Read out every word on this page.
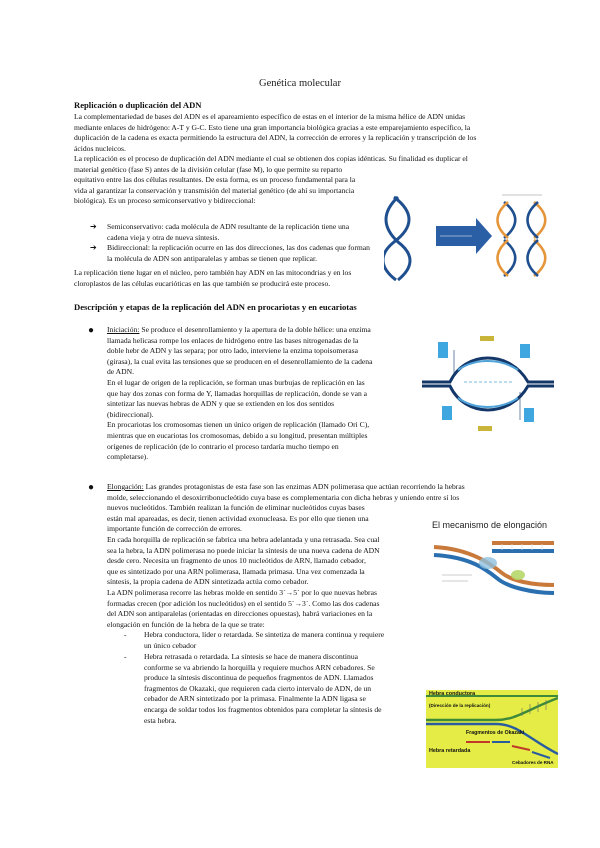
Genética molecular
Replicación o duplicación del ADN
La complementariedad de bases del ADN es el apareamiento específico de estas en el interior de la misma hélice de ADN unidas
mediante enlaces de hidrógeno: A-T y G-C. Esto tiene una gran importancia biológica gracias a este emparejamiento específico, la
duplicación de la cadena es exacta permitiendo la estructura del ADN, la corrección de errores y la replicación y transcripción de los
ácidos nucleicos.
La replicación es el proceso de duplicación del ADN mediante el cual se obtienen dos copias idénticas. Su finalidad es duplicar el
material genético (fase S) antes de la división celular (fase M), lo que permite su reparto
equitativo entre las dos células resultantes. De esta forma, es un proceso fundamental para la
vida al garantizar la conservación y transmisión del material genético (de ahí su importancia
biológica). Es un proceso semiconservativo y bidireccional:
➔ Semiconservativo: cada molécula de ADN resultante de la replicación tiene una
cadena vieja y otra de nueva síntesis.
➔ Bidireccional: la replicación ocurre en las dos direcciones, las dos cadenas que forman
la molécula de ADN son antiparalelas y ambas se tienen que replicar.
La replicación tiene lugar en el núcleo, pero también hay ADN en las mitocondrias y en los
cloroplastos de las células eucarióticas en las que también se producirá este proceso.
Descripción y etapas de la replicación del ADN en procariotas y en eucariotas
● Iniciación: Se produce el desenrollamiento y la apertura de la doble hélice: una enzima
llamada helicasa rompe los enlaces de hidrógeno entre las bases nitrogenadas de la
doble hebr de ADN y las separa; por otro lado, interviene la enzima topoisomerasa
(girasa), la cual evita las tensiones que se producen en el desenrollamiento de la cadena
de ADN.
En el lugar de origen de la replicación, se forman unas burbujas de replicación en las
que hay dos zonas con forma de Y, llamadas horquillas de replicación, donde se van a
sintetizar las nuevas hebras de ADN y que se extienden en los dos sentidos
(bidireccional).
En procariotas los cromosomas tienen un único origen de replicación (llamado Ori C),
mientras que en eucariotas los cromosomas, debido a su longitud, presentan múltiples
orígenes de replicación (de lo contrario el proceso tardaría mucho tiempo en
completarse).
● Elongación: Las grandes protagonistas de esta fase son las enzimas ADN polimerasa que actúan recorriendo la hebras
molde, seleccionando el desoxirribonucleótido cuya base es complementaria con dicha hebras y uniendo entre sí los
nuevos nucleótidos. También realizan la función de eliminar nucleótidos cuyas bases
están mal apareadas, es decir, tienen actividad exonucleasa. Es por ello que tienen una
importante función de corrección de errores.
En cada horquilla de replicación se fabrica una hebra adelantada y una retrasada. Sea cual
sea la hebra, la ADN polimerasa no puede iniciar la síntesis de una nueva cadena de ADN
desde cero. Necesita un fragmento de unos 10 nucleótidos de ARN, llamado cebador,
que es sintetizado por una ARN polimerasa, llamada primasa. Una vez comenzada la
síntesis, la propia cadena de ADN sintetizada actúa como cebador.
La ADN polimerasa recorre las hebras molde en sentido 3´→5´ por lo que nuevas hebras
formadas crecen (por adición los nucleótidos) en el sentido 5´→3´. Como las dos cadenas
del ADN son antiparalelas (orientadas en direcciones opuestas), habrá variaciones en la
elongación en función de la hebra de la que se trate:
- Hebra conductora, líder o retardada. Se sintetiza de manera continua y requiere
un único cebador
- Hebra retrasada o retardada. La síntesis se hace de manera discontinua
conforme se va abriendo la horquilla y requiere muchos ARN cebadores. Se
produce la síntesis discontinua de pequeños fragmentos de ADN. Llamados
fragmentos de Okazaki, que requieren cada cierto intervalo de ADN, de un
cebador de ARN sintetizado por la primasa. Finalmente la ADN ligasa se
encarga de soldar todos los fragmentos obtenidos para completar la síntesis de
esta hebra.
El mecanismo de elongación
Hebra conductora
(Dirección de la replicación)
Fragmentos de Okazaki
Hebra retardada
Cebadores de RNA
